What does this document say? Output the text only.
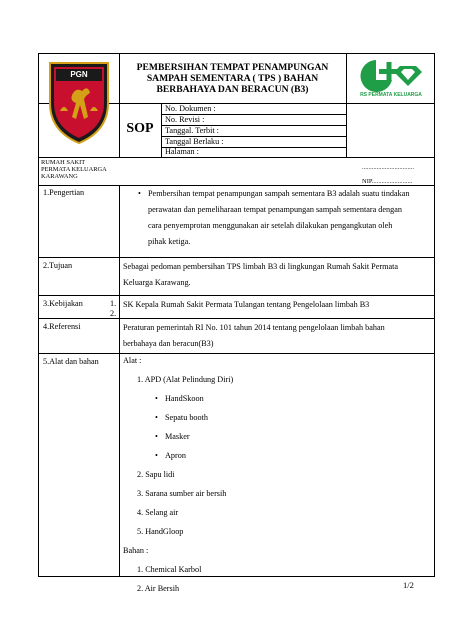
PGN
PEMBERSIHAN TEMPAT PENAMPUNGAN
SAMPAH SEMENTARA ( TPS ) BAHAN
BERBAHAYA DAN BERACUN (B3)	RS PERMATA KELUARGA
SOP
No. Dokumen :
No. Revisi :
Tanggal. Terbit :
Tanggal Berlaku :
Halaman :
RUMAH SAKIT
PERMATA KELUARGA
KARAWANG
................................
NIP.........................
1.Pengertian
•	Pembersihan tempat penampungan sampah sementara B3 adalah suatu tindakan
perawatan dan pemeliharaan tempat penampungan sampah sementara dengan
cara penyemprotan menggunakan air setelah dilakukan pengangkutan oleh
pihak ketiga.
2.Tujuan	Sebagai pedoman pembersihan TPS limbah B3 di lingkungan Rumah Sakit Permata
Keluarga Karawang.
3.Kebijakan	1.
2.
SK Kepala Rumah Sakit Permata Tulangan tentang Pengelolaan limbah B3
4.Referensi	Peraturan pemerintah RI No. 101 tahun 2014 tentang pengelolaan limbah bahan
berbahaya dan beracun(B3)
5.Alat dan bahan	Alat :
1. APD (Alat Pelindung Diri)
• HandSkoon
• Sepatu booth
• Masker
• Apron
2. Sapu lidi
3. Sarana sumber air bersih
4. Selang air
5. HandGloop
Bahan :
1. Chemical Karbol
2. Air Bersih	1/2
